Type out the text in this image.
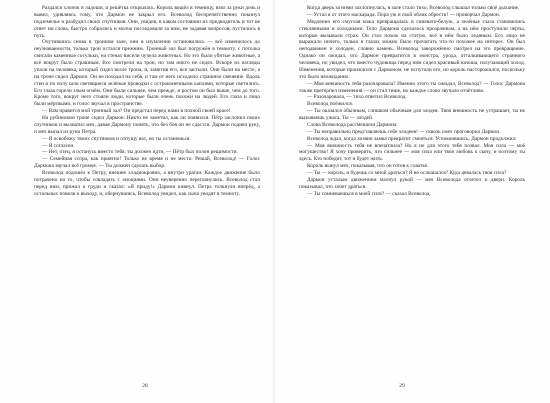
Раздался хлопок в ладоши, и решётка открылась. Король вошёл в темницу, взял за руки дочь и вывел, удивляясь тому, что Дармон не закрыл его. Всеволод беспрепятственно покинул подземелье и разбудил своих спутников. Они, увидев, в каком состоянии их предводитель и тот не ответ ни слова, быстро собрались и молча последовали за ним, не задавая вопросов, пустились в путь.

Очутившись снова в тронном зале, они в изумлении остановились — всё изменилось до неузнаваемости, только трон остался прежним. Тронный зал был погружён в темноту, с потолка свисали каменные сосульки, на стенах висели чучела животных. Но это были убитые животные, а всё вокруг было страшным. Все смотрели на трон, но там никто не сидел. Вскоре их взгляды упали на человека, который сидел возле трона, и, заметив его, все застыли. Они были на месте, а на троне сидел Дармон. Он не походил на себя, и там от него исходило страшное свечение. Вдоль стен и по полу шли светящиеся зелёные проводки с остроконечными каплями, которые светились. Его глаза горели злым огнём. Они были сильнее, чем прежде, и ростом он был выше, чем до того. Кроме того, вокруг него стояли люди, которые были очень похожи на людей. Его глаза и лицо были мёртвыми, и голос звучал в пространстве.

— Вам нравится мой тронный зал? Он предстал перед нами в полной своей красе!

На рубиновом троне сидел Дармон. Никто не заметил, как он появился. Пётр заслонил своих спутников и выхватил меч, давая Дармону понять, что без боя он не сдастся. Дармон поднял руку, и меч выпал из руки Петра.

— Я освобожу твоих спутников и отпущу вас, но ты останешься.

— Я согласен.

— Нет, отец, я останусь вместо тебя, ты должен идти, — Пётр был полон решимости.

— Семейная ссора, как приятно! Только не время и не место. Решай, Всеволод! — Голос Дармона звучал всё громче. — Ты должен сделать выбор.

Всеволод подошёл к Петру, внешне хладнокровно, а внутри ураган. Каждое движение было потрачено на то, чтобы совладать с эмоциями. Они неуверенно переглянулись. Всеволод стал перед ним, прижал к груди и сказал: «Я приду!» Дармон кивнул. Петра толкнули вперёд, а остальных повели к выходу, и, обернувшись, Всеволод увидел, как сына уводят в темноту.

28

Когда дверь за ними захлопнулась, в зале стало тихо, Всеволод слышал только своё дыхание.

— Устал я от этого маскарада. Пора уж и свой облик обрести! — проворчал Дармон.

Медленно его смуглая кожа превращалась в синевато-белую, а зелёные глаза становились стеклянными и холодными. Тело Дармона сделалось прозрачным, а на нём проступили черты, которые вызывали страх. Он стал похож на статую, всё в нём было ледяным. Его лицо не выражало ничего, только в глазах можно было прочитать что-то похожее на интерес. Он был неподвижен и холоден, словно камень. Всеволод заворожённо смотрел на это превращение. Однако он ожидал, что Дармон превратится в монстра, урода, отталкивающего странного человека, но увидел, что вместо чудовища перед ним сидел красивый юноша, излучающий холод. Изменения, которые произошли с Дармоном, не испугали его, но король насторожился, поскольку это было неожиданно.

— Моя внешность тебя разочаровала? Именно этого ты ожидал, Всеволод? — Голос Дармона также претерпел изменения — он стал тише, но каждое слово звучало отчётливо.

— Разочаровала, — тихо ответил Всеволод.

Всеволод поёжился.

— Ты оказался обычным, слишком обычным для злодея. Твоя внешность не устрашает, ты не вызываешь ужаса. Ты — злодей.

Слова Всеволода рассмешили Дармона.

— Ты неправильно представляешь себе злодеев! — сквозь смех проговорил Дармон.

Всеволод ждал, когда хозяин замка прекратит смеяться. Успокоившись, Дармон продолжил:

— Моя внешность тебя не впечатлила? Но я не для этого тебя позвал. Моя сила — моё могущество! Я хочу проверить, что сильнее — моя сила или твоя любовь к сыну, и поэтому ты здесь. Кто победит, тот и будет жить.

Король вынул меч, показывая, что он готов к схватке.

— Ты — король, и будешь со мной драться? Я не ослышался? Куда девалась твоя сила?

Дармон усталым движением махнул рукой — меч Всеволода отлетел к двери. Король показывал, что хочет драться.

— Ты сомневаешься в моей силе? — сказал Всеволод.

29
